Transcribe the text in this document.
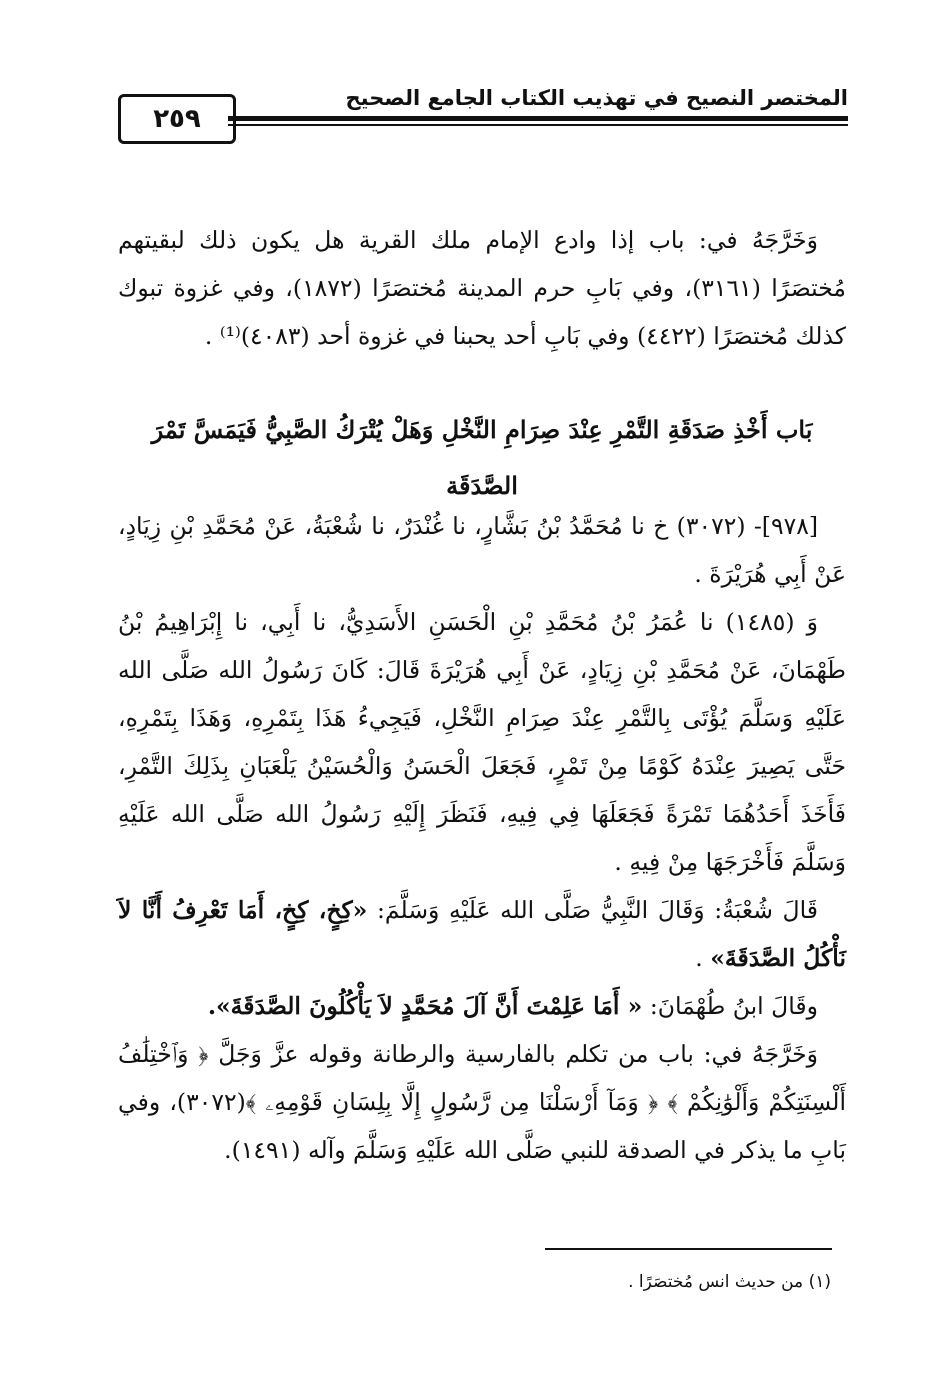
٢٥٩
المختصر النصيح في تهذيب الكتاب الجامع الصحيح

وَخَرَّجَهُ في: باب إذا وادع الإمام ملك القرية هل يكون ذلك لبقيتهم مُختصَرًا (٣١٦١)، وفي بَابِ حرم المدينة مُختصَرًا (١٨٧٢)، وفي غزوة تبوك كذلك مُختصَرًا (٤٤٢٢) وفي بَابِ أحد يحبنا في غزوة أحد (٤٠٨٣)⁽¹⁾ .

بَاب أَخْذِ صَدَقَةِ التَّمْرِ عِنْدَ صِرَامِ النَّخْلِ وَهَلْ يُتْرَكُ الصَّبِيُّ فَيَمَسَّ تَمْرَ الصَّدَقَة

[٩٧٨]- (٣٠٧٢) خ نا مُحَمَّدُ بْنُ بَشَّارٍ، نا غُنْدَرٌ، نا شُعْبَةُ، عَنْ مُحَمَّدِ بْنِ زِيَادٍ، عَنْ أَبِي هُرَيْرَةَ .

وَ (١٤٨٥) نا عُمَرُ بْنُ مُحَمَّدِ بْنِ الْحَسَنِ الأَسَدِيُّ، نا أَبِي، نا إِبْرَاهِيمُ بْنُ طَهْمَانَ، عَنْ مُحَمَّدِ بْنِ زِيَادٍ، عَنْ أَبِي هُرَيْرَةَ قَالَ: كَانَ رَسُولُ الله صَلَّى الله عَلَيْهِ وَسَلَّمَ يُؤْتَى بِالتَّمْرِ عِنْدَ صِرَامِ النَّخْلِ، فَيَجِيءُ هَذَا بِتَمْرِهِ، وَهَذَا بِتَمْرِهِ، حَتَّى يَصِيرَ عِنْدَهُ كَوْمًا مِنْ تَمْرٍ، فَجَعَلَ الْحَسَنُ وَالْحُسَيْنُ يَلْعَبَانِ بِذَلِكَ التَّمْرِ، فَأَخَذَ أَحَدُهُمَا تَمْرَةً فَجَعَلَهَا فِي فِيهِ، فَنَظَرَ إِلَيْهِ رَسُولُ الله صَلَّى الله عَلَيْهِ وَسَلَّمَ فَأَخْرَجَهَا مِنْ فِيهِ .

قَالَ شُعْبَةُ: وَقَالَ النَّبِيُّ صَلَّى الله عَلَيْهِ وَسَلَّمَ: «كِخٍ، كِخٍ، أَمَا تَعْرِفُ أَنَّا لاَ نَأْكُلُ الصَّدَقَةَ» .

وقَالَ ابنُ طُهْمَانَ: « أَمَا عَلِمْتَ أَنَّ آلَ مُحَمَّدٍ لاَ يَأْكُلُونَ الصَّدَقَةَ».

وَخَرَّجَهُ في: باب من تكلم بالفارسية والرطانة وقوله عزَّ وَجَلَّ ﴿ وَٱخْتِلَٰفُ أَلْسِنَتِكُمْ وَأَلْوَٰنِكُمْ ﴾ ﴿ وَمَآ أَرْسَلْنَا مِن رَّسُولٍ إِلَّا بِلِسَانِ قَوْمِهِۦ ﴾(٣٠٧٢)، وفي بَابِ ما يذكر في الصدقة للنبي صَلَّى الله عَلَيْهِ وَسَلَّمَ وآله (١٤٩١).

(١) من حديث انس مُختصَرًا .
